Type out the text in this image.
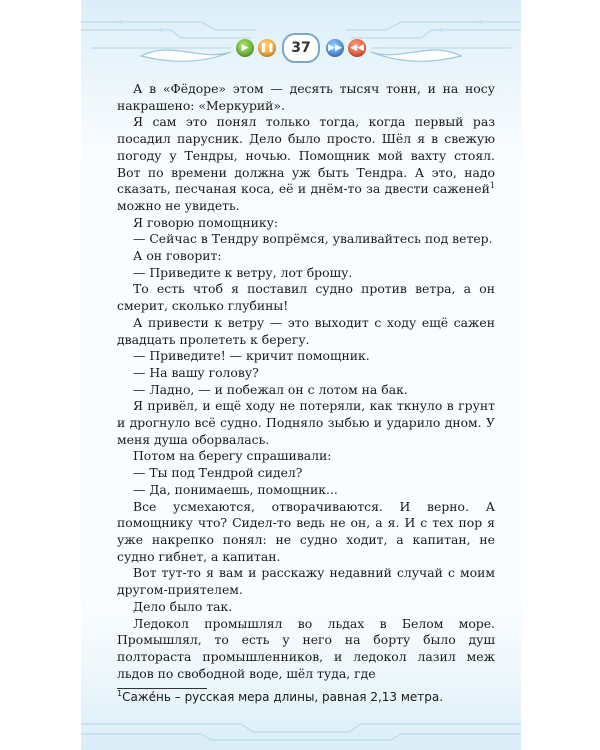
▶	❚❚	37	▶▶ ◀◀

А в «Фёдоре» этом — десять тысяч тонн, и на носу накрашено: «Меркурий».

Я сам это понял только тогда, когда первый раз посадил парусник. Дело было просто. Шёл я в свежую погоду у Тендры, ночью. Помощник мой вахту стоял. Вот по времени должна уж быть Тендра. А это, надо сказать, песчаная коса, её и днём-то за двести саженей$^1$ можно не увидеть.

Я говорю помощнику:

— Сейчас в Тендру вопрёмся, уваливайтесь под ветер.

А он говорит:

— Приведите к ветру, лот брошу.

То есть чтоб я поставил судно против ветра, а он смерит, сколько глубины!

А привести к ветру — это выходит с ходу ещё сажен двадцать пролететь к берегу.

— Приведите! — кричит помощник.

— На вашу голову?

— Ладно, — и побежал он с лотом на бак.

Я привёл, и ещё ходу не потеряли, как ткнуло в грунт и дрогнуло всё судно. Подняло зыбью и ударило дном. У меня душа оборвалась.

Потом на берегу спрашивали:

— Ты под Тендрой сидел?

— Да, понимаешь, помощник...

Все усмехаются, отворачиваются. И верно. А помощнику что? Сидел-то ведь не он, а я. И с тех пор я уже накрепко понял: не судно ходит, а капитан, не судно гибнет, а капитан.

Вот тут-то я вам и расскажу недавний случай с моим другом-приятелем.

Дело было так.

Ледокол промышлял во льдах в Белом море. Промышлял, то есть у него на борту было душ полтораста промышленников, и ледокол лазил меж льдов по свободной воде, шёл туда, где

$^1$Саже́нь – русская мера длины, равная 2,13 метра.
